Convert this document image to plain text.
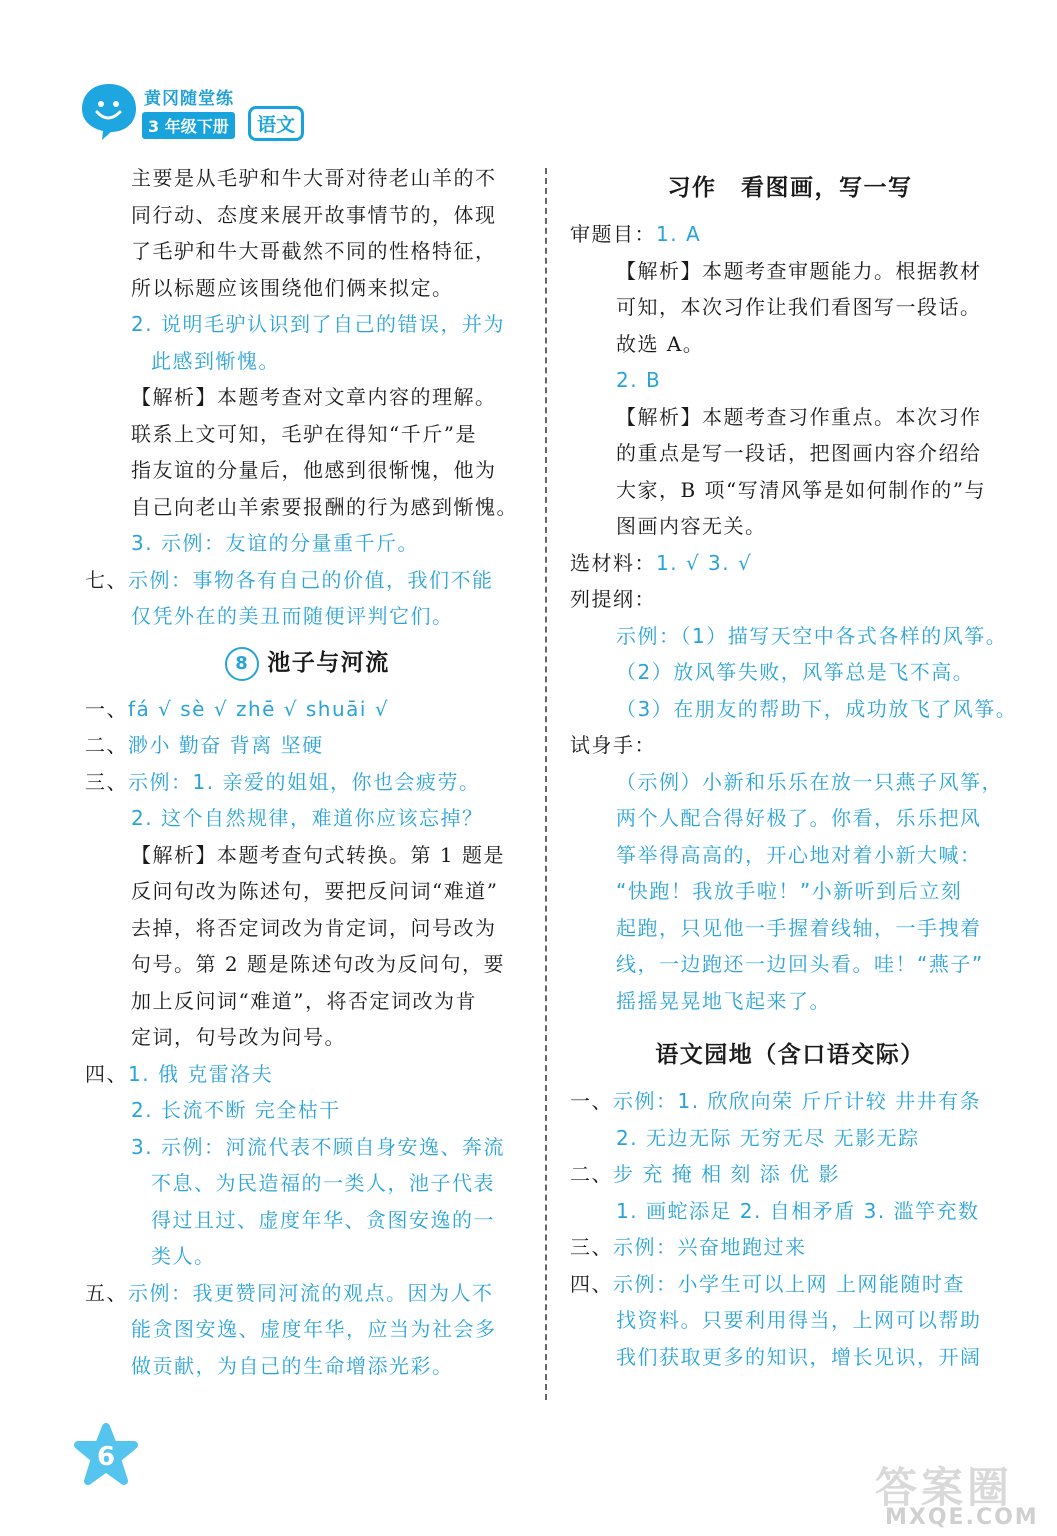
黄冈随堂练
3 年级下册	语文
主要是从毛驴和牛大哥对待老山羊的不
同行动、态度来展开故事情节的，体现
了毛驴和牛大哥截然不同的性格特征，
所以标题应该围绕他们俩来拟定。
2. 说明毛驴认识到了自己的错误，并为
此感到惭愧。
【解析】本题考查对文章内容的理解。
联系上文可知，毛驴在得知“千斤”是
指友谊的分量后，他感到很惭愧，他为
自己向老山羊索要报酬的行为感到惭愧。
3. 示例：友谊的分量重千斤。
七、示例：事物各有自己的价值，我们不能
仅凭外在的美丑而随便评判它们。
8 池子与河流
一、fá √ sè √ zhē √ shuāi √
二、渺小 勤奋 背离 坚硬
三、示例：1. 亲爱的姐姐，你也会疲劳。
2. 这个自然规律，难道你应该忘掉？
【解析】本题考查句式转换。第 1 题是
反问句改为陈述句，要把反问词“难道”
去掉，将否定词改为肯定词，问号改为
句号。第 2 题是陈述句改为反问句，要
加上反问词“难道”，将否定词改为肯
定词，句号改为问号。
四、1. 俄 克雷洛夫
2. 长流不断 完全枯干
3. 示例：河流代表不顾自身安逸、奔流
不息、为民造福的一类人，池子代表
得过且过、虚度年华、贪图安逸的一
类人。
五、示例：我更赞同河流的观点。因为人不
能贪图安逸、虚度年华，应当为社会多
做贡献，为自己的生命增添光彩。
习作　看图画，写一写
审题目：1. A
【解析】本题考查审题能力。根据教材
可知，本次习作让我们看图写一段话。
故选 A。
2. B
【解析】本题考查习作重点。本次习作
的重点是写一段话，把图画内容介绍给
大家，B 项“写清风筝是如何制作的”与
图画内容无关。
选材料：1. √ 3. √
列提纲：
示例：（1）描写天空中各式各样的风筝。
（2）放风筝失败，风筝总是飞不高。
（3）在朋友的帮助下，成功放飞了风筝。
试身手：
（示例）小新和乐乐在放一只燕子风筝，
两个人配合得好极了。你看，乐乐把风
筝举得高高的，开心地对着小新大喊：
“快跑！我放手啦！”小新听到后立刻
起跑，只见他一手握着线轴，一手拽着
线，一边跑还一边回头看。哇！“燕子”
摇摇晃晃地飞起来了。
语文园地（含口语交际）
一、示例：1. 欣欣向荣 斤斤计较 井井有条
2. 无边无际 无穷无尽 无影无踪
二、步 充 掩 相 刻 添 优 影
1. 画蛇添足 2. 自相矛盾 3. 滥竽充数
三、示例：兴奋地跑过来
四、示例：小学生可以上网 上网能随时查
找资料。只要利用得当，上网可以帮助
我们获取更多的知识，增长见识，开阔
6
答案圈
MXQE.COM
